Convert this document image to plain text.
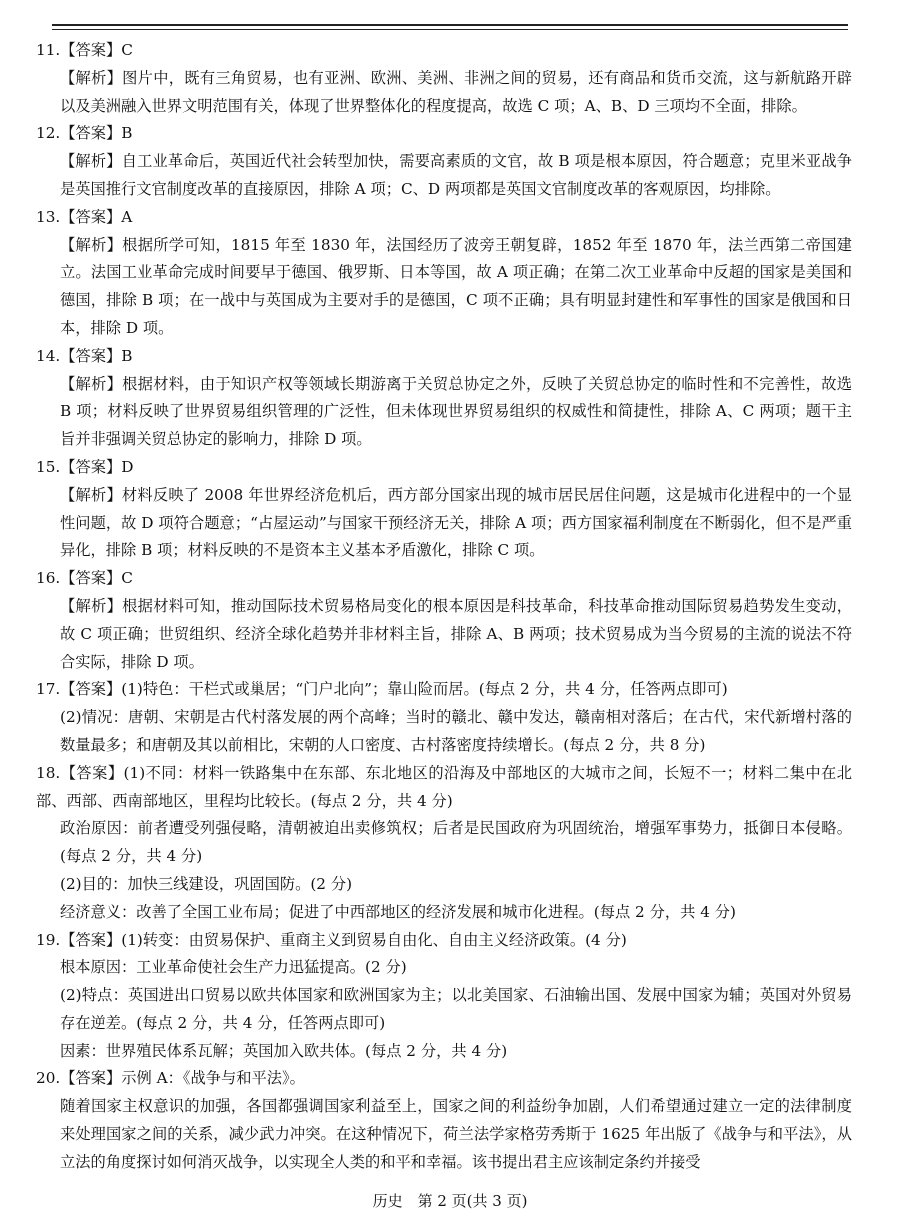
11.【答案】C

【解析】图片中，既有三角贸易，也有亚洲、欧洲、美洲、非洲之间的贸易，还有商品和货币交流，这与新航路开辟以及美洲融入世界文明范围有关，体现了世界整体化的程度提高，故选 C 项；A、B、D 三项均不全面，排除。

12.【答案】B

【解析】自工业革命后，英国近代社会转型加快，需要高素质的文官，故 B 项是根本原因，符合题意；克里米亚战争是英国推行文官制度改革的直接原因，排除 A 项；C、D 两项都是英国文官制度改革的客观原因，均排除。

13.【答案】A

【解析】根据所学可知，1815 年至 1830 年，法国经历了波旁王朝复辟，1852 年至 1870 年，法兰西第二帝国建立。法国工业革命完成时间要早于德国、俄罗斯、日本等国，故 A 项正确；在第二次工业革命中反超的国家是美国和德国，排除 B 项；在一战中与英国成为主要对手的是德国，C 项不正确；具有明显封建性和军事性的国家是俄国和日本，排除 D 项。

14.【答案】B

【解析】根据材料，由于知识产权等领域长期游离于关贸总协定之外，反映了关贸总协定的临时性和不完善性，故选 B 项；材料反映了世界贸易组织管理的广泛性，但未体现世界贸易组织的权威性和简捷性，排除 A、C 两项；题干主旨并非强调关贸总协定的影响力，排除 D 项。

15.【答案】D

【解析】材料反映了 2008 年世界经济危机后，西方部分国家出现的城市居民居住问题，这是城市化进程中的一个显性问题，故 D 项符合题意；“占屋运动”与国家干预经济无关，排除 A 项；西方国家福利制度在不断弱化，但不是严重异化，排除 B 项；材料反映的不是资本主义基本矛盾激化，排除 C 项。

16.【答案】C

【解析】根据材料可知，推动国际技术贸易格局变化的根本原因是科技革命，科技革命推动国际贸易趋势发生变动，故 C 项正确；世贸组织、经济全球化趋势并非材料主旨，排除 A、B 两项；技术贸易成为当今贸易的主流的说法不符合实际，排除 D 项。

17.【答案】(1)特色：干栏式或巢居；“门户北向”；靠山险而居。(每点 2 分，共 4 分，任答两点即可)

(2)情况：唐朝、宋朝是古代村落发展的两个高峰；当时的赣北、赣中发达，赣南相对落后；在古代，宋代新增村落的数量最多；和唐朝及其以前相比，宋朝的人口密度、古村落密度持续增长。(每点 2 分，共 8 分)

18.【答案】(1)不同：材料一铁路集中在东部、东北地区的沿海及中部地区的大城市之间，长短不一；材料二集中在北部、西部、西南部地区，里程均比较长。(每点 2 分，共 4 分)

政治原因：前者遭受列强侵略，清朝被迫出卖修筑权；后者是民国政府为巩固统治，增强军事势力，抵御日本侵略。(每点 2 分，共 4 分)

(2)目的：加快三线建设，巩固国防。(2 分)

经济意义：改善了全国工业布局；促进了中西部地区的经济发展和城市化进程。(每点 2 分，共 4 分)

19.【答案】(1)转变：由贸易保护、重商主义到贸易自由化、自由主义经济政策。(4 分)

根本原因：工业革命使社会生产力迅猛提高。(2 分)

(2)特点：英国进出口贸易以欧共体国家和欧洲国家为主；以北美国家、石油输出国、发展中国家为辅；英国对外贸易存在逆差。(每点 2 分，共 4 分，任答两点即可)

因素：世界殖民体系瓦解；英国加入欧共体。(每点 2 分，共 4 分)

20.【答案】示例 A：《战争与和平法》。

随着国家主权意识的加强，各国都强调国家利益至上，国家之间的利益纷争加剧，人们希望通过建立一定的法律制度来处理国家之间的关系，减少武力冲突。在这种情况下，荷兰法学家格劳秀斯于 1625 年出版了《战争与和平法》，从立法的角度探讨如何消灭战争，以实现全人类的和平和幸福。该书提出君主应该制定条约并接受

历史　第 2 页(共 3 页)
